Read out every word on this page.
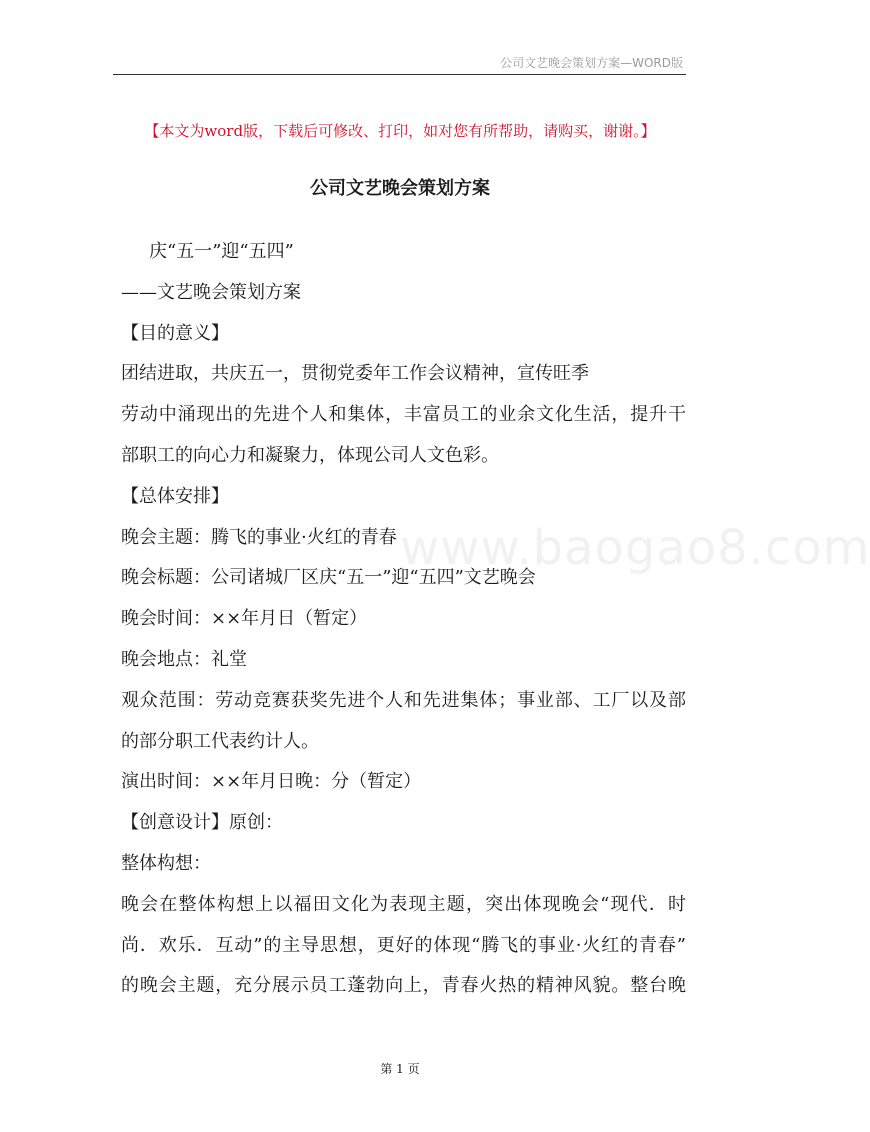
公司文艺晚会策划方案—WORD版
【本文为word版，下载后可修改、打印，如对您有所帮助，请购买，谢谢。】
公司文艺晚会策划方案
www.baogao8.com
庆“五一”迎“五四”
——文艺晚会策划方案
【目的意义】
团结进取，共庆五一，贯彻党委年工作会议精神，宣传旺季
劳动中涌现出的先进个人和集体，丰富员工的业余文化生活，提升干
部职工的向心力和凝聚力，体现公司人文色彩。
【总体安排】
晚会主题：腾飞的事业·火红的青春
晚会标题：公司诸城厂区庆“五一”迎“五四”文艺晚会
晚会时间：××年月日（暂定）
晚会地点：礼堂
观众范围：劳动竞赛获奖先进个人和先进集体；事业部、工厂以及部
的部分职工代表约计人。
演出时间：××年月日晚：分（暂定）
【创意设计】原创：
整体构想：
晚会在整体构想上以福田文化为表现主题，突出体现晚会“现代．时
尚．欢乐．互动”的主导思想，更好的体现“腾飞的事业·火红的青春”
的晚会主题，充分展示员工蓬勃向上，青春火热的精神风貌。整台晚
第 1 页
